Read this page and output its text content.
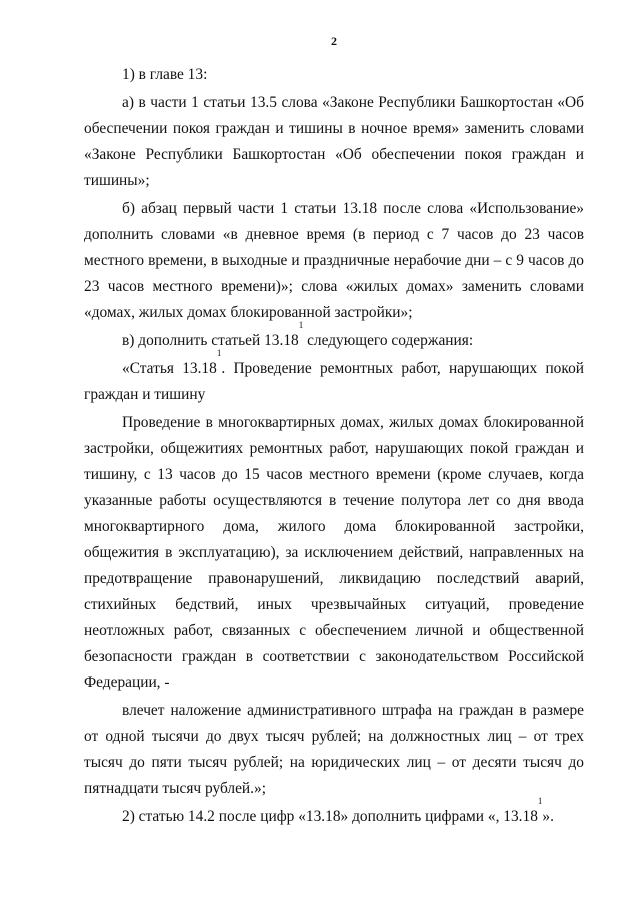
2

1) в главе 13:

а) в части 1 статьи 13.5 слова «Законе Республики Башкортостан «Об обеспечении покоя граждан и тишины в ночное время» заменить словами «Законе Республики Башкортостан «Об обеспечении покоя граждан и тишины»;

б) абзац первый части 1 статьи 13.18 после слова «Использование» дополнить словами «в дневное время (в период с 7 часов до 23 часов местного времени, в выходные и праздничные нерабочие дни – с 9 часов до 23 часов местного времени)»; слова «жилых домах» заменить словами «домах, жилых домах блокированной застройки»;

в) дополнить статьей 13.18$^1$ следующего содержания:

«Статья 13.18$^1$. Проведение ремонтных работ, нарушающих покой граждан и тишину

Проведение в многоквартирных домах, жилых домах блокированной застройки, общежитиях ремонтных работ, нарушающих покой граждан и тишину, с 13 часов до 15 часов местного времени (кроме случаев, когда указанные работы осуществляются в течение полутора лет со дня ввода многоквартирного дома, жилого дома блокированной застройки, общежития в эксплуатацию), за исключением действий, направленных на предотвращение правонарушений, ликвидацию последствий аварий, стихийных бедствий, иных чрезвычайных ситуаций, проведение неотложных работ, связанных с обеспечением личной и общественной безопасности граждан в соответствии с законодательством Российской Федерации, -

влечет наложение административного штрафа на граждан в размере от одной тысячи до двух тысяч рублей; на должностных лиц – от трех тысяч до пяти тысяч рублей; на юридических лиц – от десяти тысяч до пятнадцати тысяч рублей.»;

2) статью 14.2 после цифр «13.18» дополнить цифрами «, 13.18$^1$».
